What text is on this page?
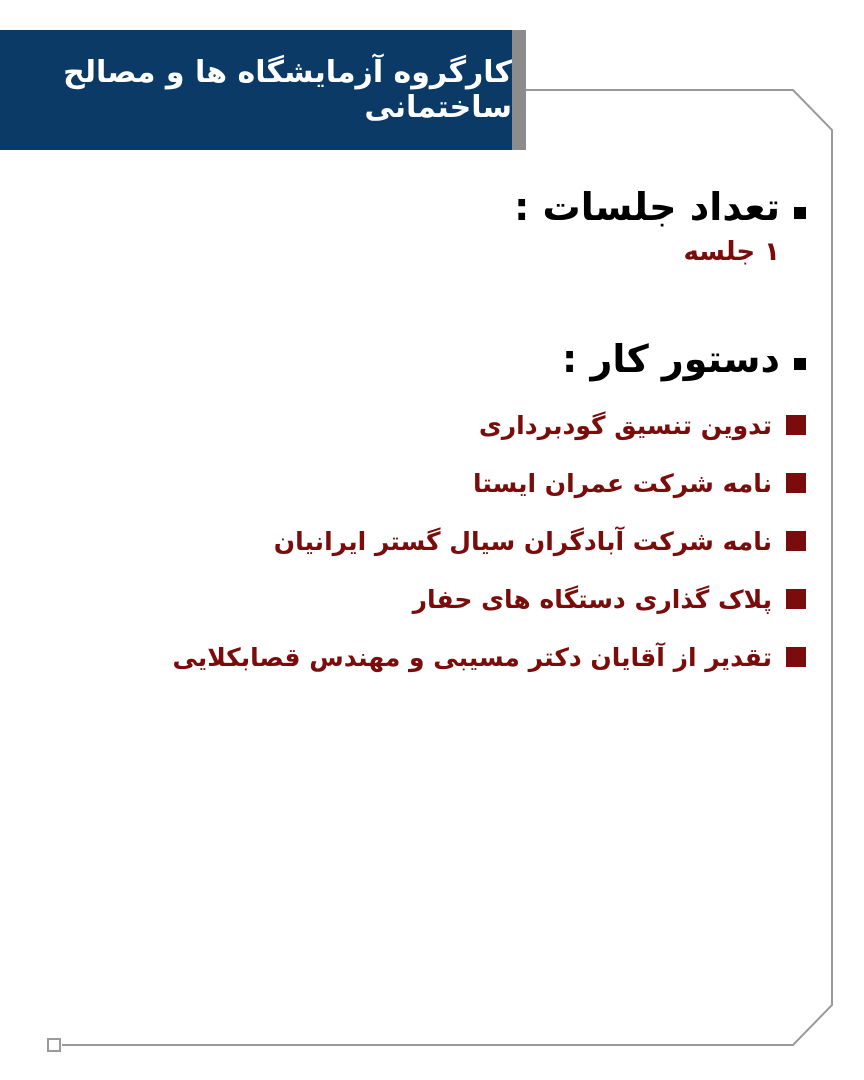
کارگروه آزمایشگاه ها و مصالح ساختمانی
تعداد جلسات :
۱ جلسه
دستور کار :
تدوین تنسیق گودبرداری
نامه شرکت عمران ایستا
نامه شرکت آبادگران سیال گستر ایرانیان
پلاک گذاری دستگاه های حفار
تقدیر از آقایان دکتر مسیبی و مهندس قصابکلایی
